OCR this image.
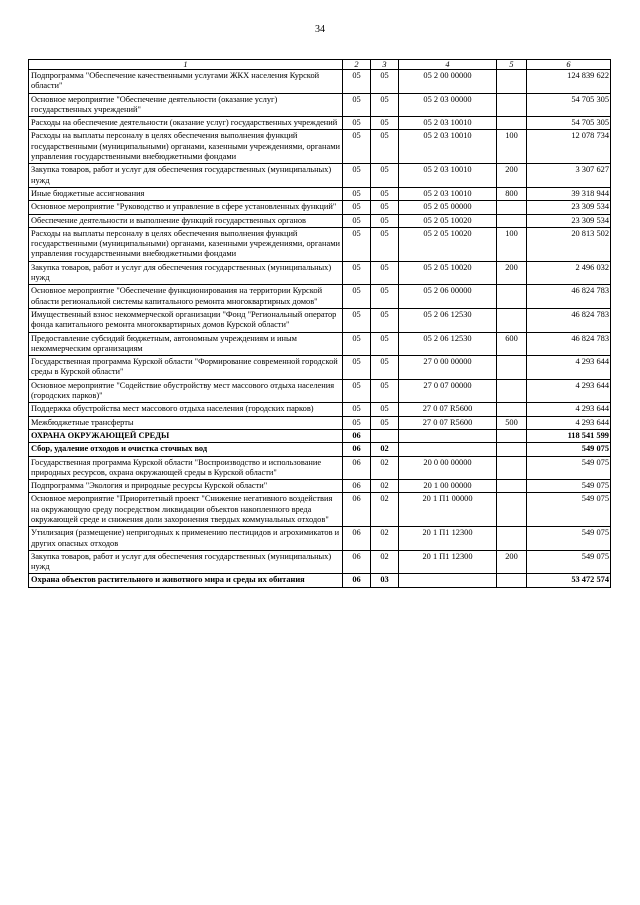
34
1	2	3	4	5	6
Подпрограмма "Обеспечение качественными услугами ЖКХ населения Курской области"	05	05	05 2 00 00000		124 839 622
Основное мероприятие "Обеспечение деятельности (оказание услуг) государственных учреждений"	05	05	05 2 03 00000		54 705 305
Расходы на обеспечение деятельности (оказание услуг) государственных учреждений	05	05	05 2 03 10010		54 705 305
Расходы на выплаты персоналу в целях обеспечения выполнения функций государственными (муниципальными) органами, казенными учреждениями, органами управления государственными внебюджетными фондами	05	05	05 2 03 10010	100	12 078 734
Закупка товаров, работ и услуг для обеспечения государственных (муниципальных) нужд	05	05	05 2 03 10010	200	3 307 627
Иные бюджетные ассигнования	05	05	05 2 03 10010	800	39 318 944
Основное мероприятие "Руководство и управление в сфере установленных функций"	05	05	05 2 05 00000		23 309 534
Обеспечение деятельности и выполнение функций государственных органов	05	05	05 2 05 10020		23 309 534
Расходы на выплаты персоналу в целях обеспечения выполнения функций государственными (муниципальными) органами, казенными учреждениями, органами управления государственными внебюджетными фондами	05	05	05 2 05 10020	100	20 813 502
Закупка товаров, работ и услуг для обеспечения государственных (муниципальных) нужд	05	05	05 2 05 10020	200	2 496 032
Основное мероприятие "Обеспечение функционирования на территории Курской области региональной системы капитального ремонта многоквартирных домов"	05	05	05 2 06 00000		46 824 783
Имущественный взнос некоммерческой организации "Фонд "Региональный оператор фонда капитального ремонта многоквартирных домов Курской области"	05	05	05 2 06 12530		46 824 783
Предоставление субсидий бюджетным, автономным учреждениям и иным некоммерческим организациям	05	05	05 2 06 12530	600	46 824 783
Государственная программа Курской области "Формирование современной городской среды в Курской области"	05	05	27 0 00 00000		4 293 644
Основное мероприятие "Содействие обустройству мест массового отдыха населения (городских парков)"	05	05	27 0 07 00000		4 293 644
Поддержка обустройства мест массового отдыха населения (городских парков)	05	05	27 0 07 R5600		4 293 644
Межбюджетные трансферты	05	05	27 0 07 R5600	500	4 293 644
ОХРАНА ОКРУЖАЮЩЕЙ СРЕДЫ	06				118 541 599
Сбор, удаление отходов и очистка сточных вод	06	02			549 075
Государственная программа Курской области "Воспроизводство и использование природных ресурсов, охрана окружающей среды в Курской области"	06	02	20 0 00 00000		549 075
Подпрограмма "Экология и природные ресурсы Курской области"	06	02	20 1 00 00000		549 075
Основное мероприятие "Приоритетный проект "Снижение негативного воздействия на окружающую среду посредством ликвидации объектов накопленного вреда окружающей среде и снижения доли захоронения твердых коммунальных отходов"	06	02	20 1 П1 00000		549 075
Утилизация (размещение) непригодных к применению пестицидов и агрохимикатов и других опасных отходов	06	02	20 1 П1 12300		549 075
Закупка товаров, работ и услуг для обеспечения государственных (муниципальных) нужд	06	02	20 1 П1 12300	200	549 075
Охрана объектов растительного и животного мира и среды их обитания	06	03			53 472 574
